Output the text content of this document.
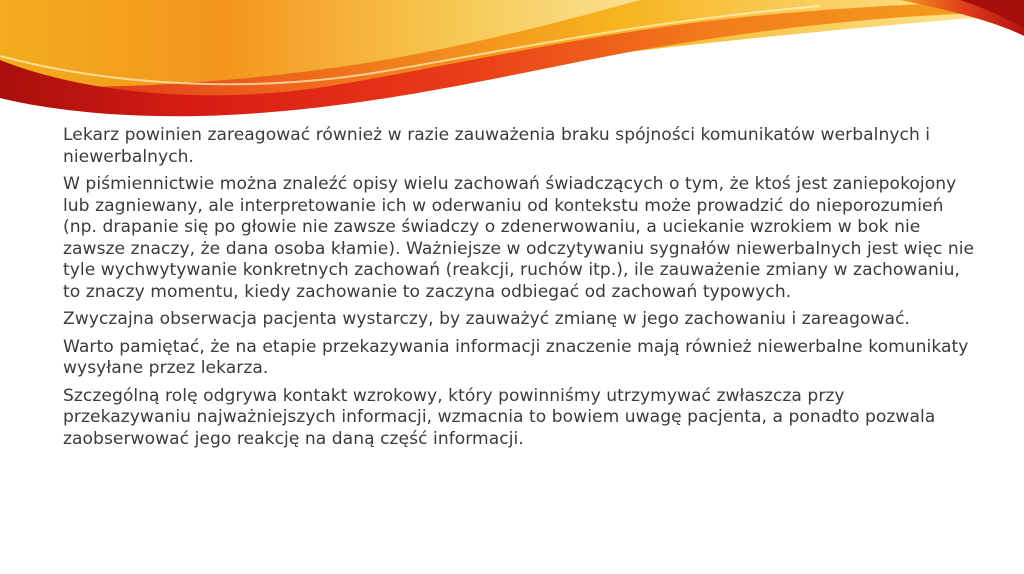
Lekarz powinien zareagować również w razie zauważenia braku spójności komunikatów werbalnych i niewerbalnych.

W piśmiennictwie można znaleźć opisy wielu zachowań świadczących o tym, że ktoś jest zaniepokojony lub zagniewany, ale interpretowanie ich w oderwaniu od kontekstu może prowadzić do nieporozumień (np. drapanie się po głowie nie zawsze świadczy o zdenerwowaniu, a uciekanie wzrokiem w bok nie zawsze znaczy, że dana osoba kłamie). Ważniejsze w odczytywaniu sygnałów niewerbalnych jest więc nie tyle wychwytywanie konkretnych zachowań (reakcji, ruchów itp.), ile zauważenie zmiany w zachowaniu, to znaczy momentu, kiedy zachowanie to zaczyna odbiegać od zachowań typowych.

Zwyczajna obserwacja pacjenta wystarczy, by zauważyć zmianę w jego zachowaniu i zareagować.

Warto pamiętać, że na etapie przekazywania informacji znaczenie mają również niewerbalne komunikaty wysyłane przez lekarza.

Szczególną rolę odgrywa kontakt wzrokowy, który powinniśmy utrzymywać zwłaszcza przy przekazywaniu najważniejszych informacji, wzmacnia to bowiem uwagę pacjenta, a ponadto pozwala zaobserwować jego reakcję na daną część informacji.
